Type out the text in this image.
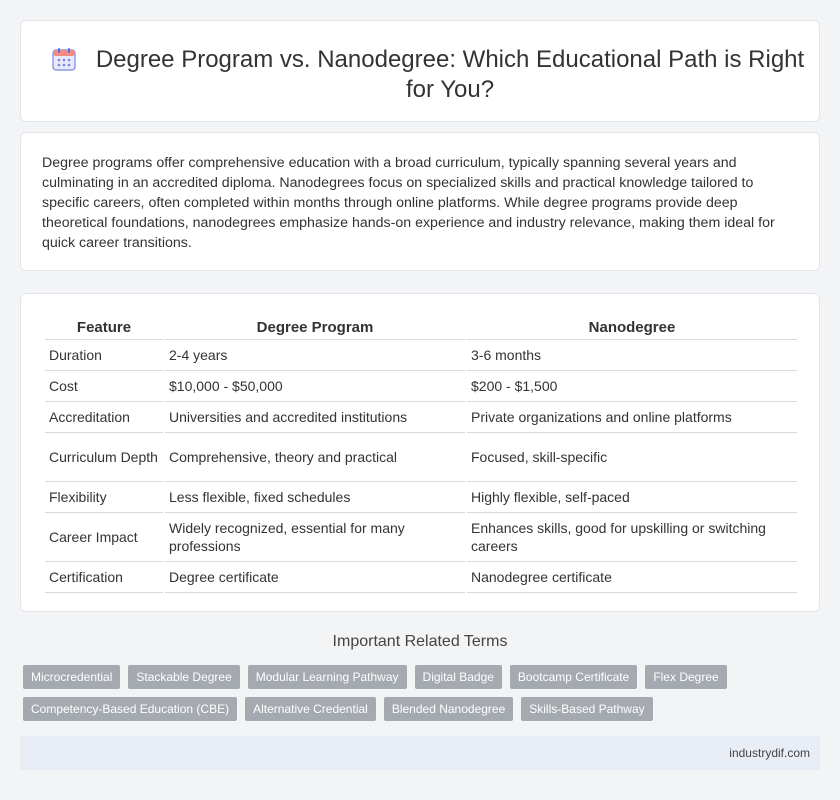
Degree Program vs. Nanodegree: Which Educational Path is Right for You?

Degree programs offer comprehensive education with a broad curriculum, typically spanning several years and culminating in an accredited diploma. Nanodegrees focus on specialized skills and practical knowledge tailored to specific careers, often completed within months through online platforms. While degree programs provide deep theoretical foundations, nanodegrees emphasize hands-on experience and industry relevance, making them ideal for quick career transitions.

Feature	Degree Program	Nanodegree
Duration	2-4 years	3-6 months
Cost	$10,000 - $50,000	$200 - $1,500
Accreditation	Universities and accredited institutions	Private organizations and online platforms
Curriculum Depth	Comprehensive, theory and practical	Focused, skill-specific
Flexibility	Less flexible, fixed schedules	Highly flexible, self-paced
Career Impact	Widely recognized, essential for many professions	Enhances skills, good for upskilling or switching careers
Certification	Degree certificate	Nanodegree certificate
Important Related Terms
Microcredential	Stackable Degree	Modular Learning Pathway	Digital Badge	Bootcamp Certificate	Flex Degree
Competency-Based Education (CBE)	Alternative Credential	Blended Nanodegree	Skills-Based Pathway
industrydif.com
